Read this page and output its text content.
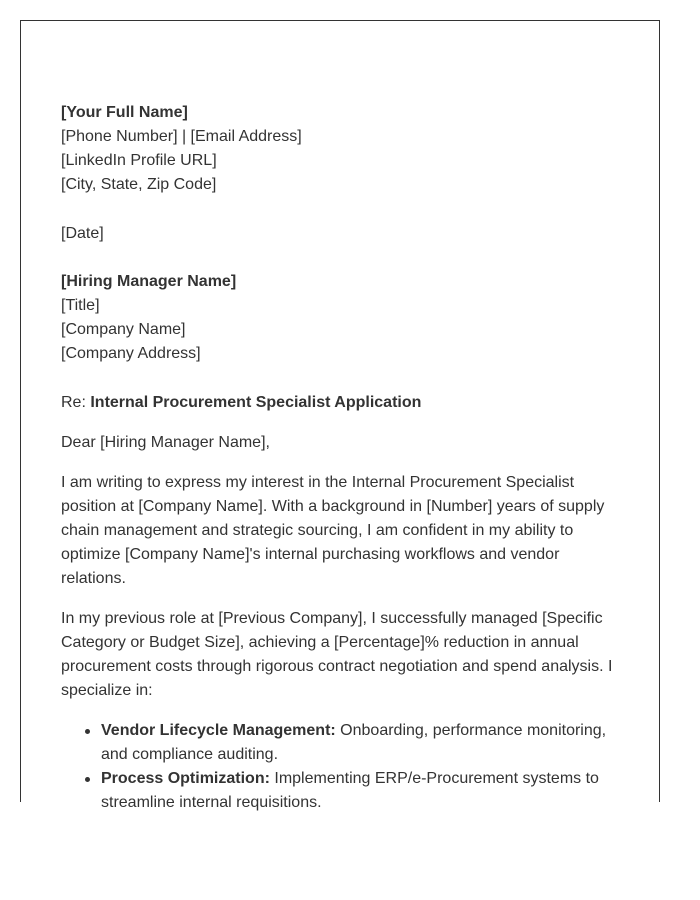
[Your Full Name]
[Phone Number] | [Email Address]
[LinkedIn Profile URL]
[City, State, Zip Code]
[Date]
[Hiring Manager Name]
[Title]
[Company Name]
[Company Address]
Re: Internal Procurement Specialist Application
Dear [Hiring Manager Name],

I am writing to express my interest in the Internal Procurement Specialist position at [Company Name]. With a background in [Number] years of supply chain management and strategic sourcing, I am confident in my ability to optimize [Company Name]'s internal purchasing workflows and vendor relations.

In my previous role at [Previous Company], I successfully managed [Specific Category or Budget Size], achieving a [Percentage]% reduction in annual procurement costs through rigorous contract negotiation and spend analysis. I specialize in:

Vendor Lifecycle Management: Onboarding, performance monitoring, and compliance auditing.
Process Optimization: Implementing ERP/e-Procurement systems to streamline internal requisitions.
